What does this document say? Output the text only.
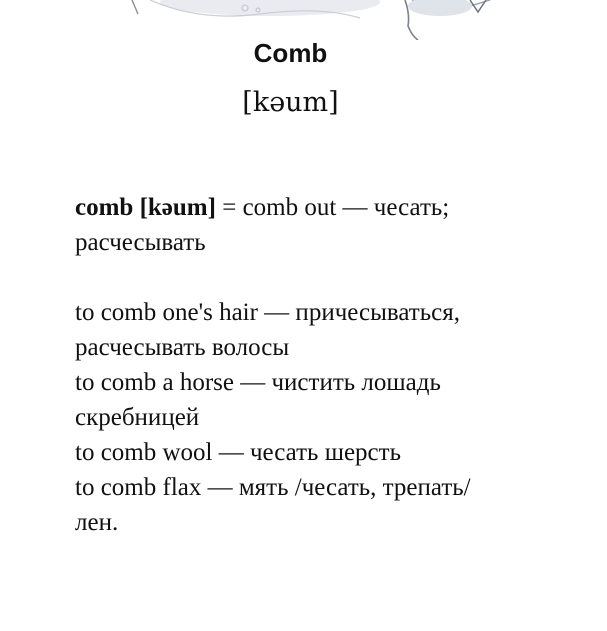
Comb
[kəum]

comb [kəum] = comb out — чесать;

расчесывать

to comb one's hair — причесываться,

расчесывать волосы

to comb a horse — чистить лошадь

скребницей

to comb wool — чесать шерсть

to comb flax — мять /чесать, трепать/

лен.
